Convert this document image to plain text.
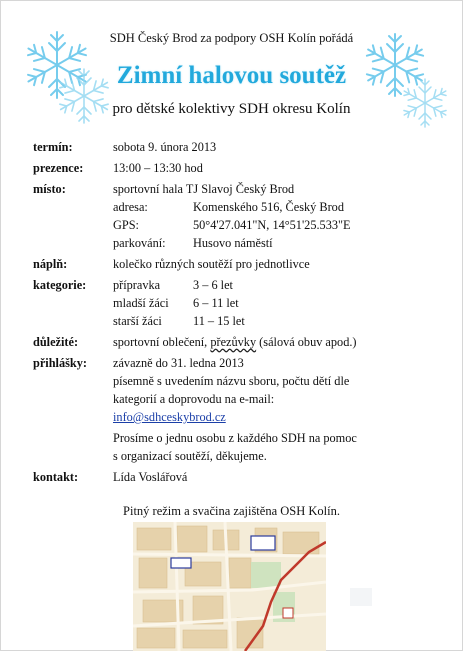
SDH Český Brod za podpory OSH Kolín pořádá
Zimní halovou soutěž
pro dětské kolektivy SDH okresu Kolín
termín:	sobota 9. února 2013
prezence: 13:00 – 13:30 hod
místo:	sportovní hala TJ Slavoj Český Brod
adresa:	Komenského 516, Český Brod
GPS:	50°4'27.041"N, 14°51'25.533"E
parkování: Husovo náměstí
náplň:	kolečko různých soutěží pro jednotlivce
kategorie: přípravka	3 – 6 let
mladší žáci 6 – 11 let
starší žáci	11 – 15 let
důležité:	sportovní oblečení, přezůvky (sálová obuv apod.)
přihlášky: závazně do 31. ledna 2013
písemně s uvedením názvu sboru, počtu dětí dle
kategorií a doprovodu na e-mail:
info@sdhceskybrod.cz
Prosíme o jednu osobu z každého SDH na pomoc
s organizací soutěží, děkujeme.
kontakt:	Lída Voslářová
Pitný režim a svačina zajištěna OSH Kolín.
